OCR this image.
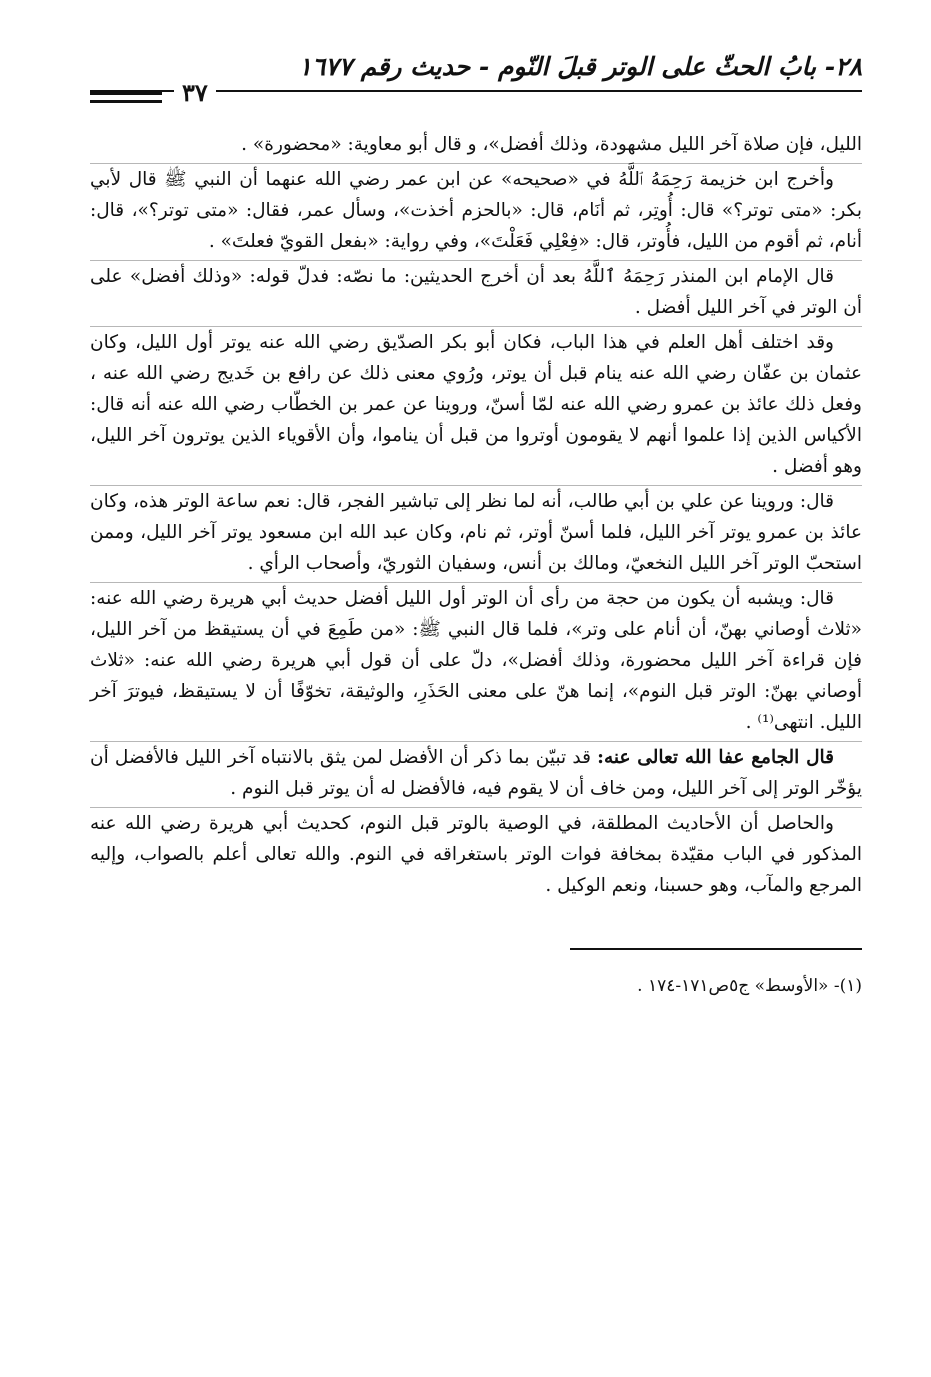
٢٨- بابُ الحثّ على الوتر قبلَ النّوم - حديث رقم ١٦٧٧
٣٧

الليل، فإن صلاة آخر الليل مشهودة، وذلك أفضل»، و قال أبو معاوية: «محضورة» .

وأخرج ابن خزيمة رَحِمَهُ ٱللَّهُ في «صحيحه» عن ابن عمر رضي الله عنهما أن النبي ﷺ قال لأبي بكر: «متى توتر؟» قال: أُوتِر، ثم أنَام، قال: «بالحزم أخذت»، وسأل عمر، فقال: «متى توتر؟»، قال: أنام، ثم أقوم من الليل، فأُوتر، قال: «فِعْلِي فَعَلْتَ»، وفي رواية: «بفعل القويّ فعلتَ» .

قال الإمام ابن المنذر رَحِمَهُ ٱللَّهُ بعد أن أخرج الحديثين: ما نصّه: فدلّ قوله: «وذلك أفضل» على أن الوتر في آخر الليل أفضل .

وقد اختلف أهل العلم في هذا الباب، فكان أبو بكر الصدّيق رضي الله عنه يوتر أول الليل، وكان عثمان بن عفّان رضي الله عنه ينام قبل أن يوتر، ورُوي معنى ذلك عن رافع بن خَديج رضي الله عنه ، وفعل ذلك عائذ بن عمرو رضي الله عنه لمّا أسنّ، وروينا عن عمر بن الخطّاب رضي الله عنه أنه قال: الأكياس الذين إذا علموا أنهم لا يقومون أوتروا من قبل أن يناموا، وأن الأقوياء الذين يوترون آخر الليل، وهو أفضل .

قال: وروينا عن علي بن أبي طالب، أنه لما نظر إلى تباشير الفجر، قال: نعم ساعة الوتر هذه، وكان عائذ بن عمرو يوتر آخر الليل، فلما أسنّ أوتر، ثم نام، وكان عبد الله ابن مسعود يوتر آخر الليل، وممن استحبّ الوتر آخر الليل النخعيّ، ومالك بن أنس، وسفيان الثوريّ، وأصحاب الرأي .

قال: ويشبه أن يكون من حجة من رأى أن الوتر أول الليل أفضل حديث أبي هريرة رضي الله عنه: «ثلاث أوصاني بهنّ، أن أنام على وتر»، فلما قال النبي ﷺ: «من طَمِعَ في أن يستيقظ من آخر الليل، فإن قراءة آخر الليل محضورة، وذلك أفضل»، دلّ على أن قول أبي هريرة رضي الله عنه: «ثلاث أوصاني بهنّ: الوتر قبل النوم»، إنما هنّ على معنى الحَذَرِ، والوثيقة، تخوّفًا أن لا يستيقظ، فيوترَ آخر الليل. انتهى⁽¹⁾ .

قال الجامع عفا الله تعالى عنه: قد تبيّن بما ذكر أن الأفضل لمن يثق بالانتباه آخر الليل فالأفضل أن يؤخّر الوتر إلى آخر الليل، ومن خاف أن لا يقوم فيه، فالأفضل له أن يوتر قبل النوم .

والحاصل أن الأحاديث المطلقة، في الوصية بالوتر قبل النوم، كحديث أبي هريرة رضي الله عنه المذكور في الباب مقيّدة بمخافة فوات الوتر باستغراقه في النوم. والله تعالى أعلم بالصواب، وإليه المرجع والمآب، وهو حسبنا، ونعم الوكيل .

(١)- «الأوسط» ج٥ص١٧١-١٧٤ .
